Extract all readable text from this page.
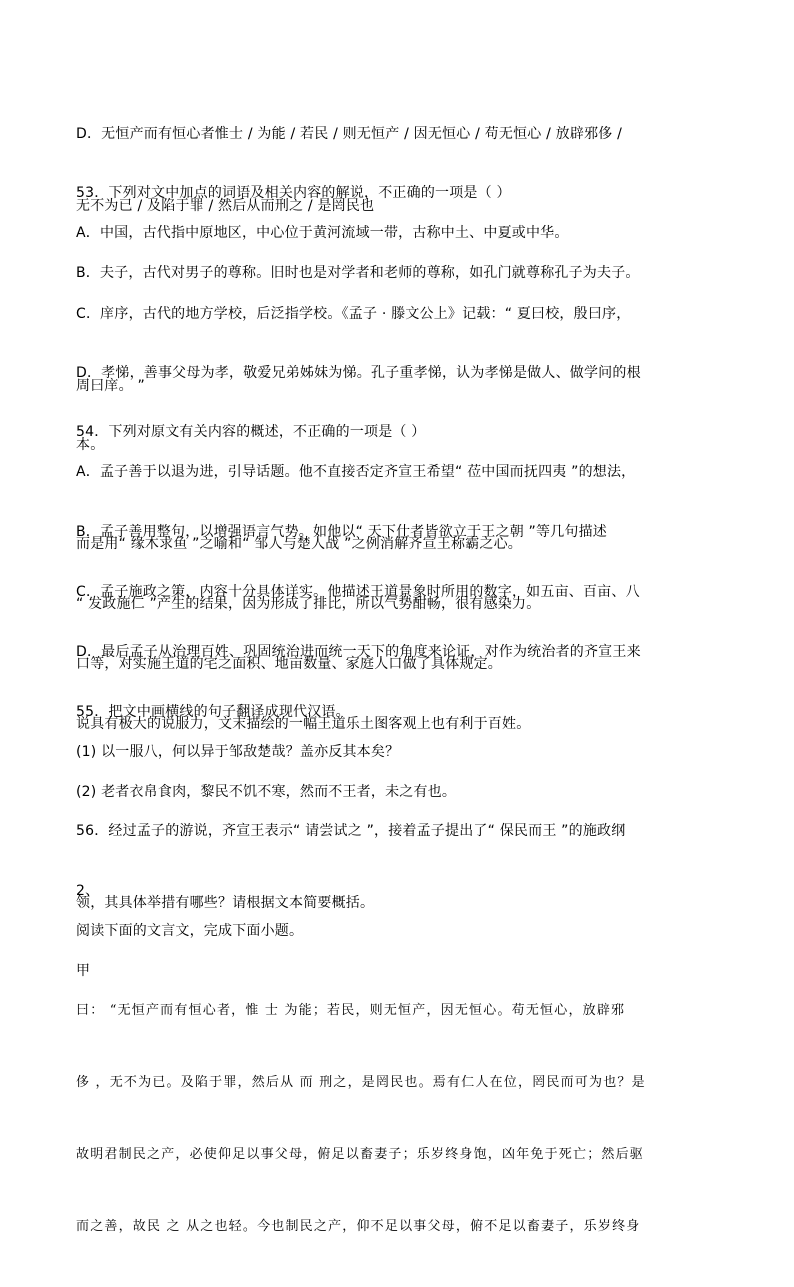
D．无恒产而有恒心者惟士 / 为能 / 若民 / 则无恒产 / 因无恒心 / 苟无恒心 / 放辟邪侈 /

无不为已 / 及陷于罪 / 然后从而刑之 / 是罔民也

53．下列对文中加点的词语及相关内容的解说，不正确的一项是（ ）

A．中国，古代指中原地区，中心位于黄河流域一带，古称中土、中夏或中华。

B．夫子，古代对男子的尊称。旧时也是对学者和老师的尊称，如孔门就尊称孔子为夫子。

C．庠序，古代的地方学校，后泛指学校。《孟子 · 滕文公上》记载：“ 夏曰校，殷曰序，

周曰庠。 ”

D．孝悌，善事父母为孝，敬爱兄弟姊妹为悌。孔子重孝悌，认为孝悌是做人、做学问的根

本。

54．下列对原文有关内容的概述，不正确的一项是（ ）

A．孟子善于以退为进，引导话题。他不直接否定齐宣王希望“ 莅中国而抚四夷 ”的想法，

而是用“ 缘木求鱼 ”之喻和“ 邹人与楚人战 ”之例消解齐宣王称霸之心。

B．孟子善用整句，以增强语言气势。如他以“ 天下仕者皆欲立于王之朝 ”等几句描述

“ 发政施仁 ”产生的结果，因为形成了排比，所以气势酣畅，很有感染力。

C．孟子施政之策，内容十分具体详实。他描述王道景象时所用的数字，如五亩、百亩、八

口等，对实施王道的宅之面积、地亩数量、家庭人口做了具体规定。

D．最后孟子从治理百姓、巩固统治进而统一天下的角度来论证，对作为统治者的齐宣王来

说具有极大的说服力，文末描绘的一幅王道乐土图客观上也有利于百姓。

55．把文中画横线的句子翻译成现代汉语。

(1) 以一服八，何以异于邹敌楚哉？盖亦反其本矣？

(2) 老者衣帛食肉，黎民不饥不寒，然而不王者，未之有也。

56．经过孟子的游说，齐宣王表示“ 请尝试之 ”，接着孟子提出了“ 保民而王 ”的施政纲

领，其具体举措有哪些？请根据文本简要概括。

2、

阅读下面的文言文，完成下面小题。

甲

曰： “无恒产而有恒心者，惟 士 为能；若民，则无恒产，因无恒心。苟无恒心，放辟邪

侈 ，无不为已。及陷于罪，然后从 而 刑之，是罔民也。焉有仁人在位，罔民而可为也？是

故明君制民之产，必使仰足以事父母，俯足以畜妻子；乐岁终身饱，凶年免于死亡；然后驱

而之善，故民 之 从之也轻。今也制民之产，仰不足以事父母，俯不足以畜妻子，乐岁终身
